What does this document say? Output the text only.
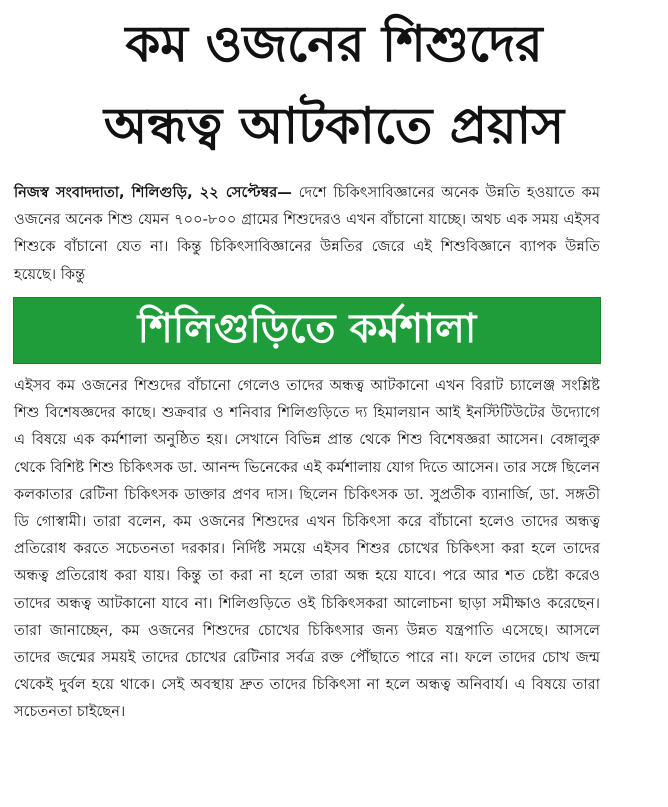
কম ওজনের শিশুদের
অন্ধত্ব আটকাতে প্রয়াস
নিজস্ব সংবাদদাতা, শিলিগুড়ি, ২২ সেপ্টেম্বর— দেশে চিকিৎসাবিজ্ঞানের অনেক উন্নতি হওয়াতে কম ওজনের অনেক শিশু যেমন ৭০০-৮০০ গ্রামের শিশুদেরও এখন বাঁচানো যাচ্ছে। অথচ এক সময় এইসব শিশুকে বাঁচানো যেত না। কিন্তু চিকিৎসাবিজ্ঞানের উন্নতির জেরে এই শিশুবিজ্ঞানে ব্যাপক উন্নতি হয়েছে। কিন্তু
শিলিগুড়িতে কর্মশালা
এইসব কম ওজনের শিশুদের বাঁচানো গেলেও তাদের অন্ধত্ব আটকানো এখন বিরাট চ্যালেঞ্জ সংশ্লিষ্ট শিশু বিশেষজ্ঞদের কাছে। শুক্রবার ও শনিবার শিলিগুড়িতে দ্য হিমালয়ান আই ইনস্টিটিউটের উদ্যোগে এ বিষয়ে এক কর্মশালা অনুষ্ঠিত হয়। সেখানে বিভিন্ন প্রান্ত থেকে শিশু বিশেষজ্ঞরা আসেন। বেঙ্গালুরু থেকে বিশিষ্ট শিশু চিকিৎসক ডা. আনন্দ ভিনেকের এই কর্মশালায় যোগ দিতে আসেন। তার সঙ্গে ছিলেন কলকাতার রেটিনা চিকিৎসক ডাক্তার প্রণব দাস। ছিলেন চিকিৎসক ডা. সুপ্রতীক ব্যানার্জি, ডা. সঙ্গতী ডি গোস্বামী। তারা বলেন, কম ওজনের শিশুদের এখন চিকিৎসা করে বাঁচানো হলেও তাদের অন্ধত্ব প্রতিরোধ করতে সচেতনতা দরকার। নির্দিষ্ট সময়ে এইসব শিশুর চোখের চিকিৎসা করা হলে তাদের অন্ধত্ব প্রতিরোধ করা যায়। কিন্তু তা করা না হলে তারা অন্ধ হয়ে যাবে। পরে আর শত চেষ্টা করেও তাদের অন্ধত্ব আটকানো যাবে না। শিলিগুড়িতে ওই চিকিৎসকরা আলোচনা ছাড়া সমীক্ষাও করেছেন। তারা জানাচ্ছেন, কম ওজনের শিশুদের চোখের চিকিৎসার জন্য উন্নত যন্ত্রপাতি এসেছে। আসলে তাদের জন্মের সময়ই তাদের চোখের রেটিনার সর্বত্র রক্ত পৌঁছাতে পারে না। ফলে তাদের চোখ জন্ম থেকেই দুর্বল হয়ে থাকে। সেই অবস্থায় দ্রুত তাদের চিকিৎসা না হলে অন্ধত্ব অনিবার্য। এ বিষয়ে তারা সচেতনতা চাইছেন।
